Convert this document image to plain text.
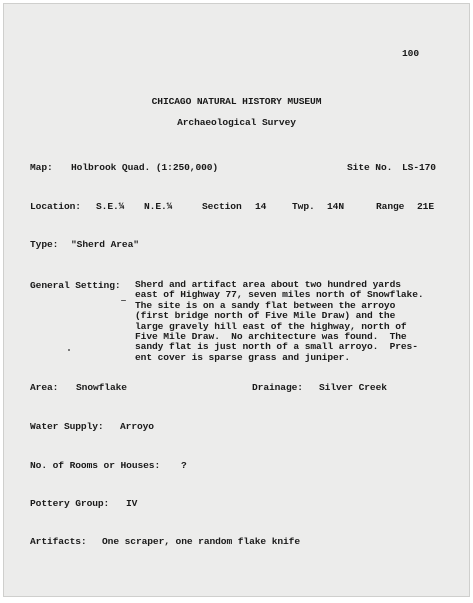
100
CHICAGO NATURAL HISTORY MUSEUM
Archaeological Survey
Map: Holbrook Quad. (1:250,000)	Site No. LS-170
Location: S.E.¼ N.E.¼	Section 14	Twp. 14N	Range 21E
Type: "Sherd Area"
General Setting: Sherd and artifact area about two hundred yards
east of Highway 77, seven miles north of Snowflake.
The site is on a sandy flat between the arroyo
(first bridge north of Five Mile Draw) and the
large gravely hill east of the highway, north of
Five Mile Draw.  No architecture was found.  The
sandy flat is just north of a small arroyo.  Pres-
ent cover is sparse grass and juniper.
Area: Snowflake	Drainage: Silver Creek
Water Supply: Arroyo
No. of Rooms or Houses: ?
Pottery Group: IV
Artifacts: One scraper, one random flake knife
